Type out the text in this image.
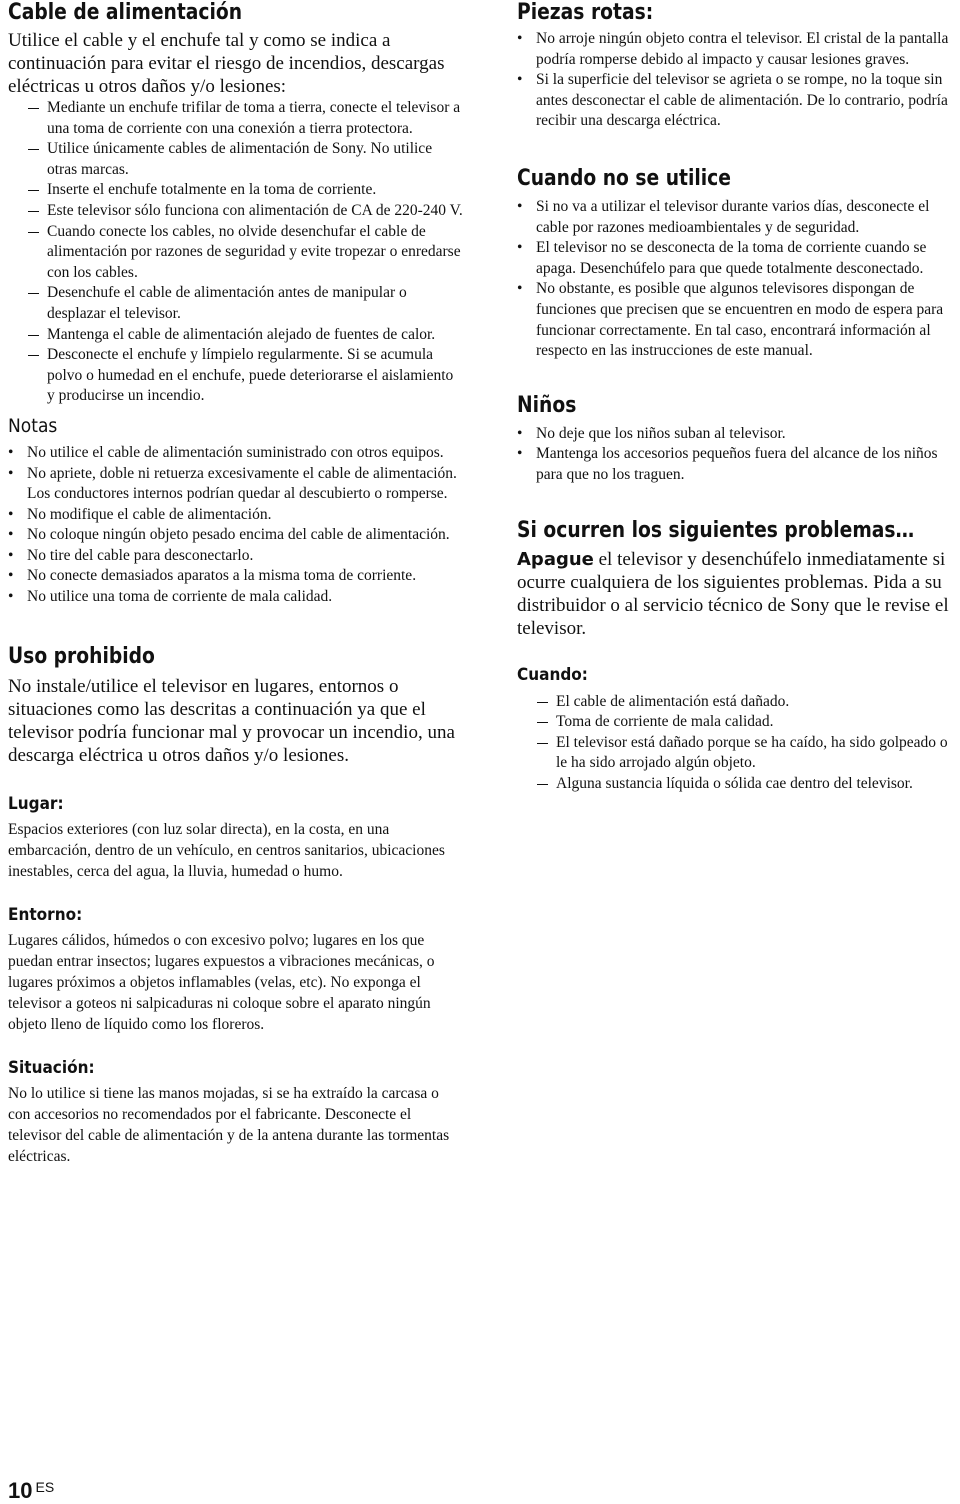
Cable de alimentación

Utilice el cable y el enchufe tal y como se indica a continuación para evitar el riesgo de incendios, descargas eléctricas u otros daños y/o lesiones:

Mediante un enchufe trifilar de toma a tierra, conecte el televisor a una toma de corriente con una conexión a tierra protectora.
Utilice únicamente cables de alimentación de Sony. No utilice otras marcas.
Inserte el enchufe totalmente en la toma de corriente.
Este televisor sólo funciona con alimentación de CA de 220-240 V.
Cuando conecte los cables, no olvide desenchufar el cable de alimentación por razones de seguridad y evite tropezar o enredarse con los cables.
Desenchufe el cable de alimentación antes de manipular o desplazar el televisor.
Mantenga el cable de alimentación alejado de fuentes de calor.
Desconecte el enchufe y límpielo regularmente. Si se acumula polvo o humedad en el enchufe, puede deteriorarse el aislamiento y producirse un incendio.
Notas
• No utilice el cable de alimentación suministrado con otros equipos.
• No apriete, doble ni retuerza excesivamente el cable de alimentación. Los conductores internos podrían quedar al descubierto o romperse.
• No modifique el cable de alimentación.
• No coloque ningún objeto pesado encima del cable de alimentación.
• No tire del cable para desconectarlo.
• No conecte demasiados aparatos a la misma toma de corriente.
• No utilice una toma de corriente de mala calidad.
Uso prohibido

No instale/utilice el televisor en lugares, entornos o situaciones como las descritas a continuación ya que el televisor podría funcionar mal y provocar un incendio, una descarga eléctrica u otros daños y/o lesiones.

Lugar:

Espacios exteriores (con luz solar directa), en la costa, en una embarcación, dentro de un vehículo, en centros sanitarios, ubicaciones inestables, cerca del agua, la lluvia, humedad o humo.

Entorno:

Lugares cálidos, húmedos o con excesivo polvo; lugares en los que puedan entrar insectos; lugares expuestos a vibraciones mecánicas, o lugares próximos a objetos inflamables (velas, etc). No exponga el televisor a goteos ni salpicaduras ni coloque sobre el aparato ningún objeto lleno de líquido como los floreros.

Situación:

No lo utilice si tiene las manos mojadas, si se ha extraído la carcasa o con accesorios no recomendados por el fabricante. Desconecte el televisor del cable de alimentación y de la antena durante las tormentas eléctricas.

Piezas rotas:
• No arroje ningún objeto contra el televisor. El cristal de la pantalla podría romperse debido al impacto y causar lesiones graves.
• Si la superficie del televisor se agrieta o se rompe, no la toque sin antes desconectar el cable de alimentación. De lo contrario, podría recibir una descarga eléctrica.
Cuando no se utilice
• Si no va a utilizar el televisor durante varios días, desconecte el cable por razones medioambientales y de seguridad.
• El televisor no se desconecta de la toma de corriente cuando se apaga. Desenchúfelo para que quede totalmente desconectado.
• No obstante, es posible que algunos televisores dispongan de funciones que precisen que se encuentren en modo de espera para funcionar correctamente. En tal caso, encontrará información al respecto en las instrucciones de este manual.
Niños
• No deje que los niños suban al televisor.
• Mantenga los accesorios pequeños fuera del alcance de los niños para que no los traguen.
Si ocurren los siguientes problemas…

Apague el televisor y desenchúfelo inmediatamente si ocurre cualquiera de los siguientes problemas. Pida a su distribuidor o al servicio técnico de Sony que le revise el televisor.

Cuando:
El cable de alimentación está dañado.
Toma de corriente de mala calidad.
El televisor está dañado porque se ha caído, ha sido golpeado o le ha sido arrojado algún objeto.
Alguna sustancia líquida o sólida cae dentro del televisor.
10 ES
